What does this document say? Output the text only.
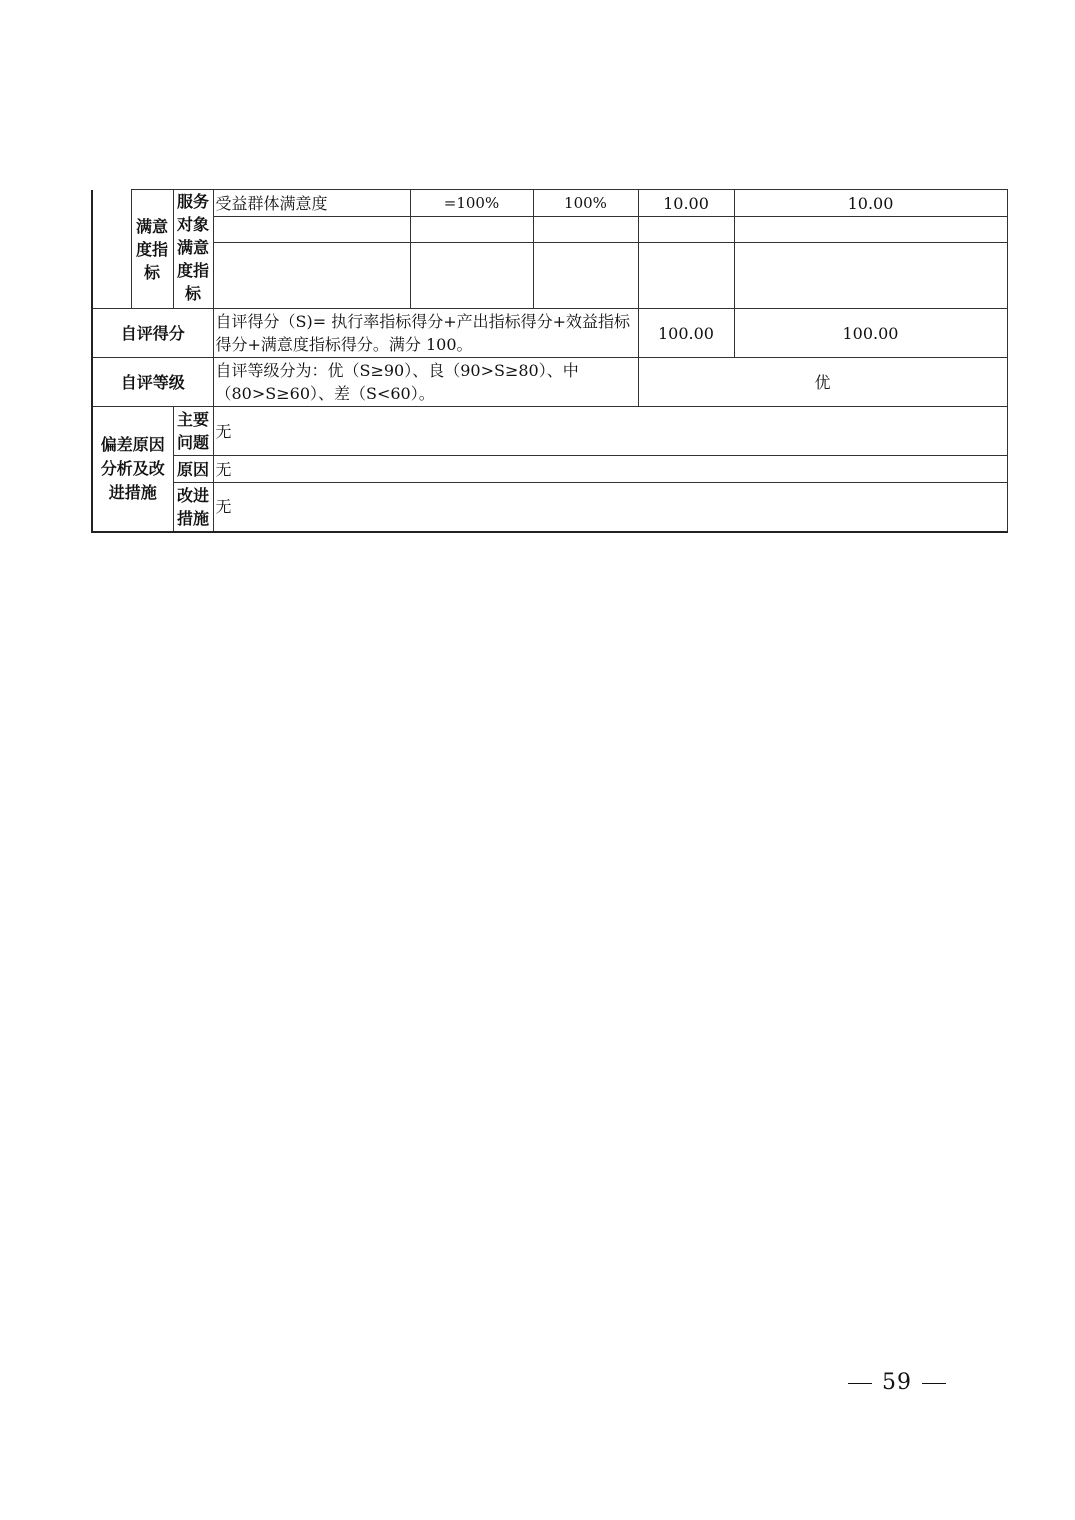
	满意度指标	服务对象满意度指标	受益群体满意度	=100%	100%	10.00	10.00

自评得分			自评得分（S)= 执行率指标得分+产出指标得分+效益指标得分+满意度指标得分。满分 100。			100.00	100.00
自评等级			自评等级分为：优（S≥90）、良（90>S≥80）、中（80>S≥60）、差（S<60）。			优	

偏差原因分析及改进措施		主要问题	无				
		原因	无				
		改进措施	无				
59
